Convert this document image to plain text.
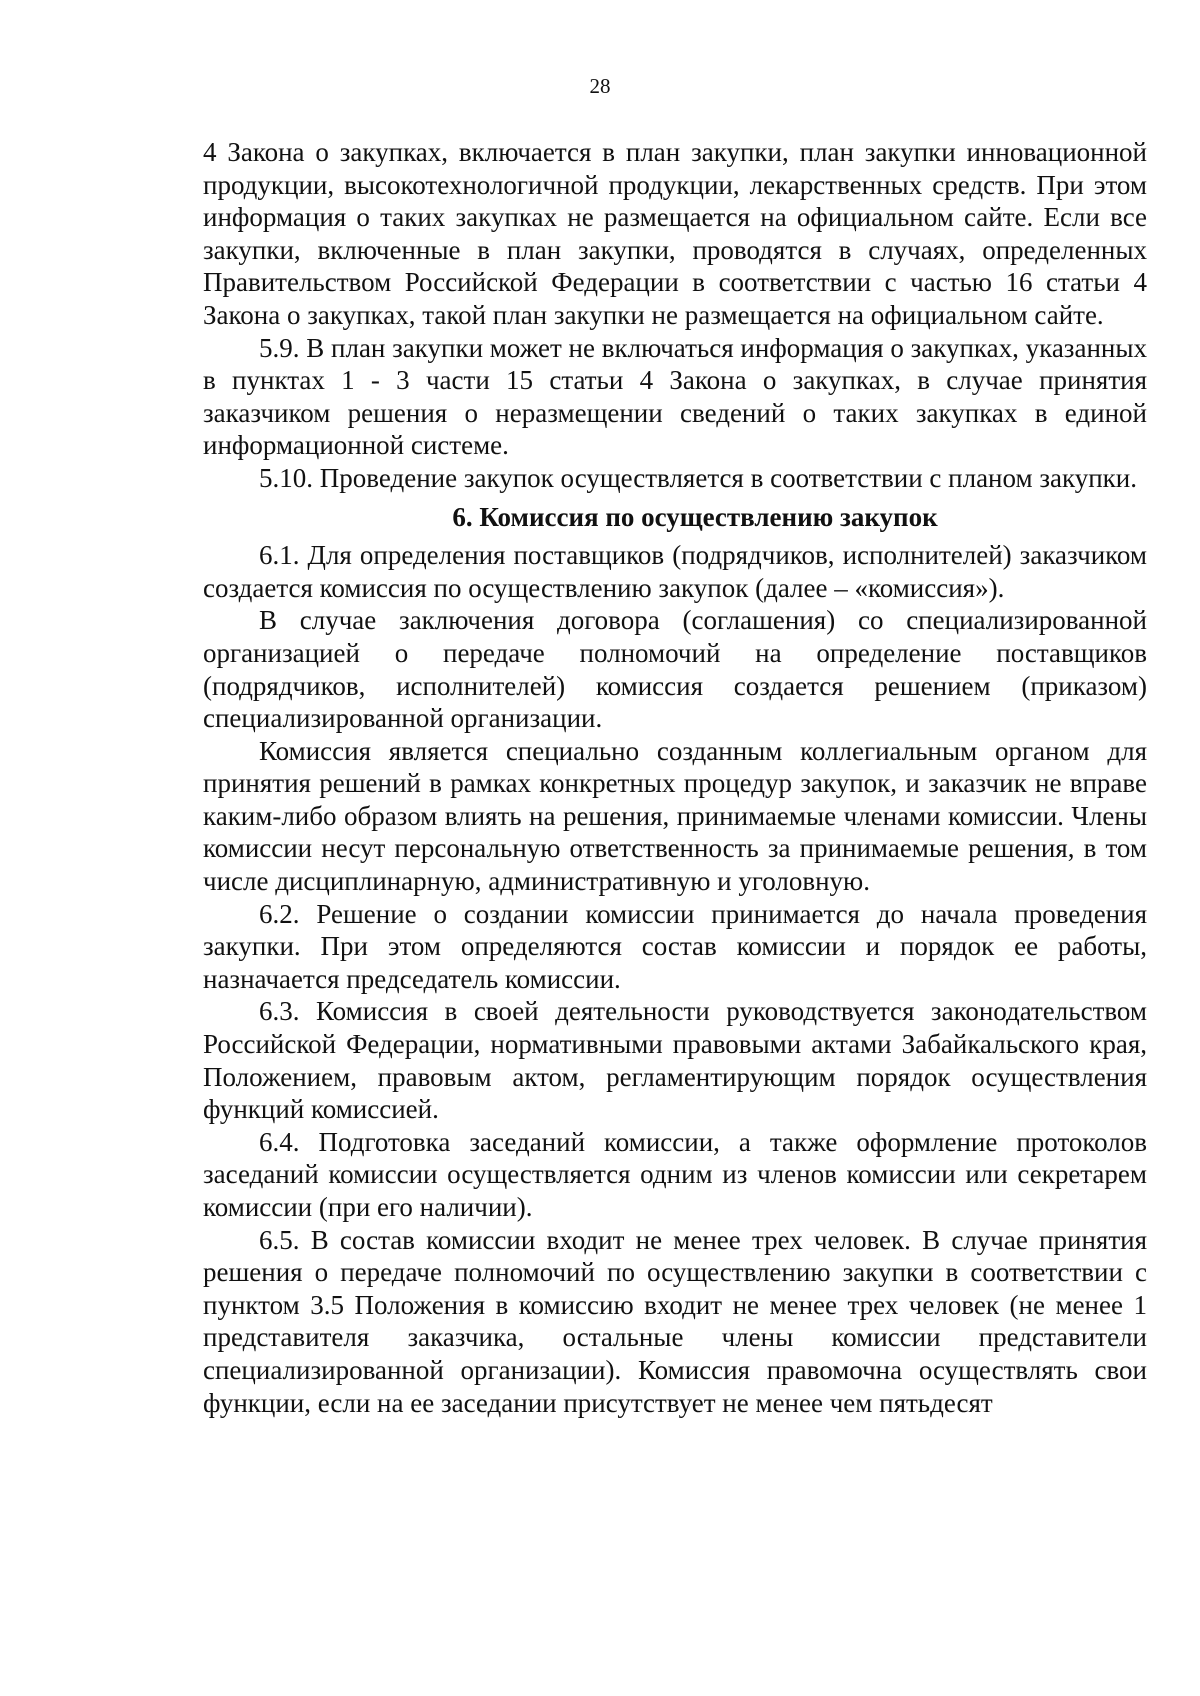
28

4 Закона о закупках, включается в план закупки, план закупки инновационной продукции, высокотехнологичной продукции, лекарственных средств. При этом информация о таких закупках не размещается на официальном сайте. Если все закупки, включенные в план закупки, проводятся в случаях, определенных Правительством Российской Федерации в соответствии с частью 16 статьи 4 Закона о закупках, такой план закупки не размещается на официальном сайте.

5.9. В план закупки может не включаться информация о закупках, указанных в пунктах 1 - 3 части 15 статьи 4 Закона о закупках, в случае принятия заказчиком решения о неразмещении сведений о таких закупках в единой информационной системе.

5.10. Проведение закупок осуществляется в соответствии с планом закупки.

6. Комиссия по осуществлению закупок

6.1. Для определения поставщиков (подрядчиков, исполнителей) заказчиком создается комиссия по осуществлению закупок (далее – «комиссия»).

В случае заключения договора (соглашения) со специализированной организацией о передаче полномочий на определение поставщиков (подрядчиков, исполнителей) комиссия создается решением (приказом) специализированной организации.

Комиссия является специально созданным коллегиальным органом для принятия решений в рамках конкретных процедур закупок, и заказчик не вправе каким-либо образом влиять на решения, принимаемые членами комиссии. Члены комиссии несут персональную ответственность за принимаемые решения, в том числе дисциплинарную, административную и уголовную.

6.2. Решение о создании комиссии принимается до начала проведения закупки. При этом определяются состав комиссии и порядок ее работы, назначается председатель комиссии.

6.3. Комиссия в своей деятельности руководствуется законодательством Российской Федерации, нормативными правовыми актами Забайкальского края, Положением, правовым актом, регламентирующим порядок осуществления функций комиссией.

6.4. Подготовка заседаний комиссии, а также оформление протоколов заседаний комиссии осуществляется одним из членов комиссии или секретарем комиссии (при его наличии).

6.5. В состав комиссии входит не менее трех человек. В случае принятия решения о передаче полномочий по осуществлению закупки в соответствии с пунктом 3.5 Положения в комиссию входит не менее трех человек (не менее 1 представителя заказчика, остальные члены комиссии представители специализированной организации). Комиссия правомочна осуществлять свои функции, если на ее заседании присутствует не менее чем пятьдесят
